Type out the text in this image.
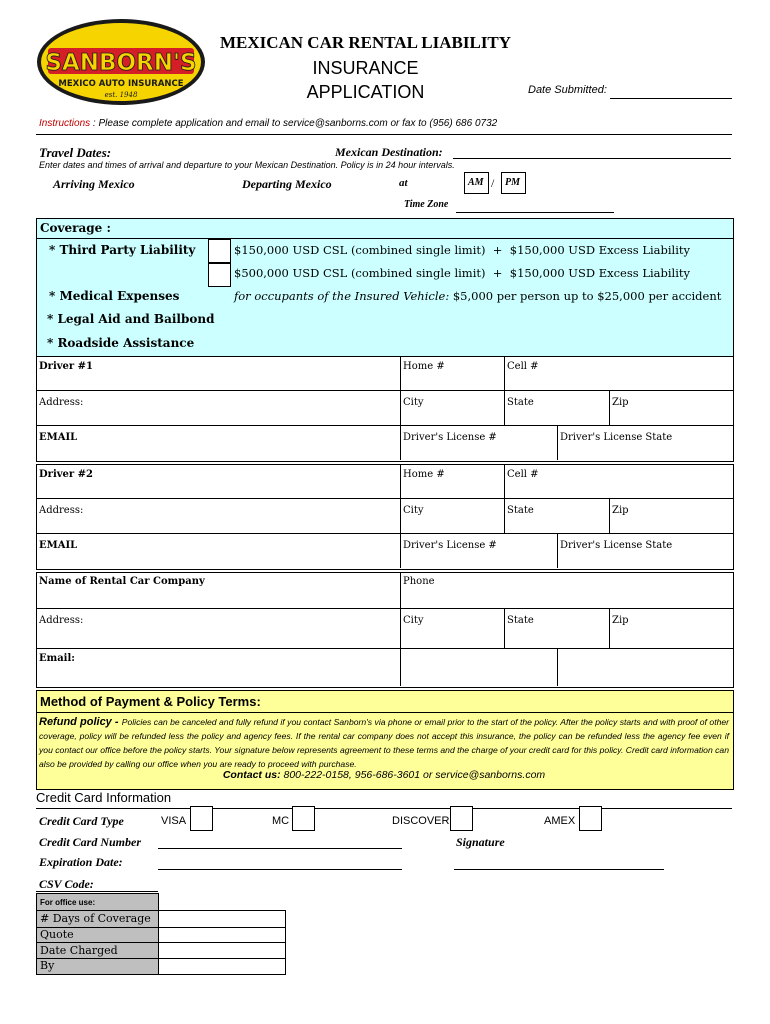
SANBORN'S
MEXICO AUTO INSURANCE
est. 1948
MEXICAN CAR RENTAL LIABILITY
INSURANCE
APPLICATION	Date Submitted:
Instructions : Please complete application and email to service@sanborns.com or fax to (956) 686 0732
Travel Dates:	Mexican Destination:
Enter dates and times of arrival and departure to your Mexican Destination. Policy is in 24 hour intervals.
Arriving Mexico	Departing Mexico	at	AM / PM
Time Zone
Coverage :
* Third Party Liability	$150,000 USD CSL (combined single limit)  +  $150,000 USD Excess Liability
$500,000 USD CSL (combined single limit)  +  $150,000 USD Excess Liability
* Medical Expenses	for occupants of the Insured Vehicle: $5,000 per person up to $25,000 per accident
* Legal Aid and Bailbond
* Roadside Assistance
Driver #1	Home #	Cell #
Address:	City	State	Zip
EMAIL	Driver's License #	Driver's License State
Driver #2	Home #	Cell #
Address:	City	State	Zip
EMAIL	Driver's License #	Driver's License State
Name of Rental Car Company	Phone
Address:	City	State	Zip
Email:
Method of Payment & Policy Terms:
Refund policy - Policies can be canceled and fully refund if you contact Sanborn's via phone or email prior to the start of the policy. After the policy starts and with proof of other coverage, policy will be refunded less the policy and agency fees. If the rental car company does not accept this insurance, the policy can be refunded less the agency fee even if you contact our office before the policy starts. Your signature below represents agreement to these terms and the charge of your credit card for this policy. Credit card information can also be provided by calling our office when you are ready to proceed with purchase.
Contact us: 800-222-0158, 956-686-3601 or service@sanborns.com
Credit Card Information
Credit Card Type	VISA	MC	DISCOVER	AMEX
Credit Card Number	Signature
Expiration Date:
CSV Code:
For office use:
# Days of Coverage
Quote
Date Charged
By
